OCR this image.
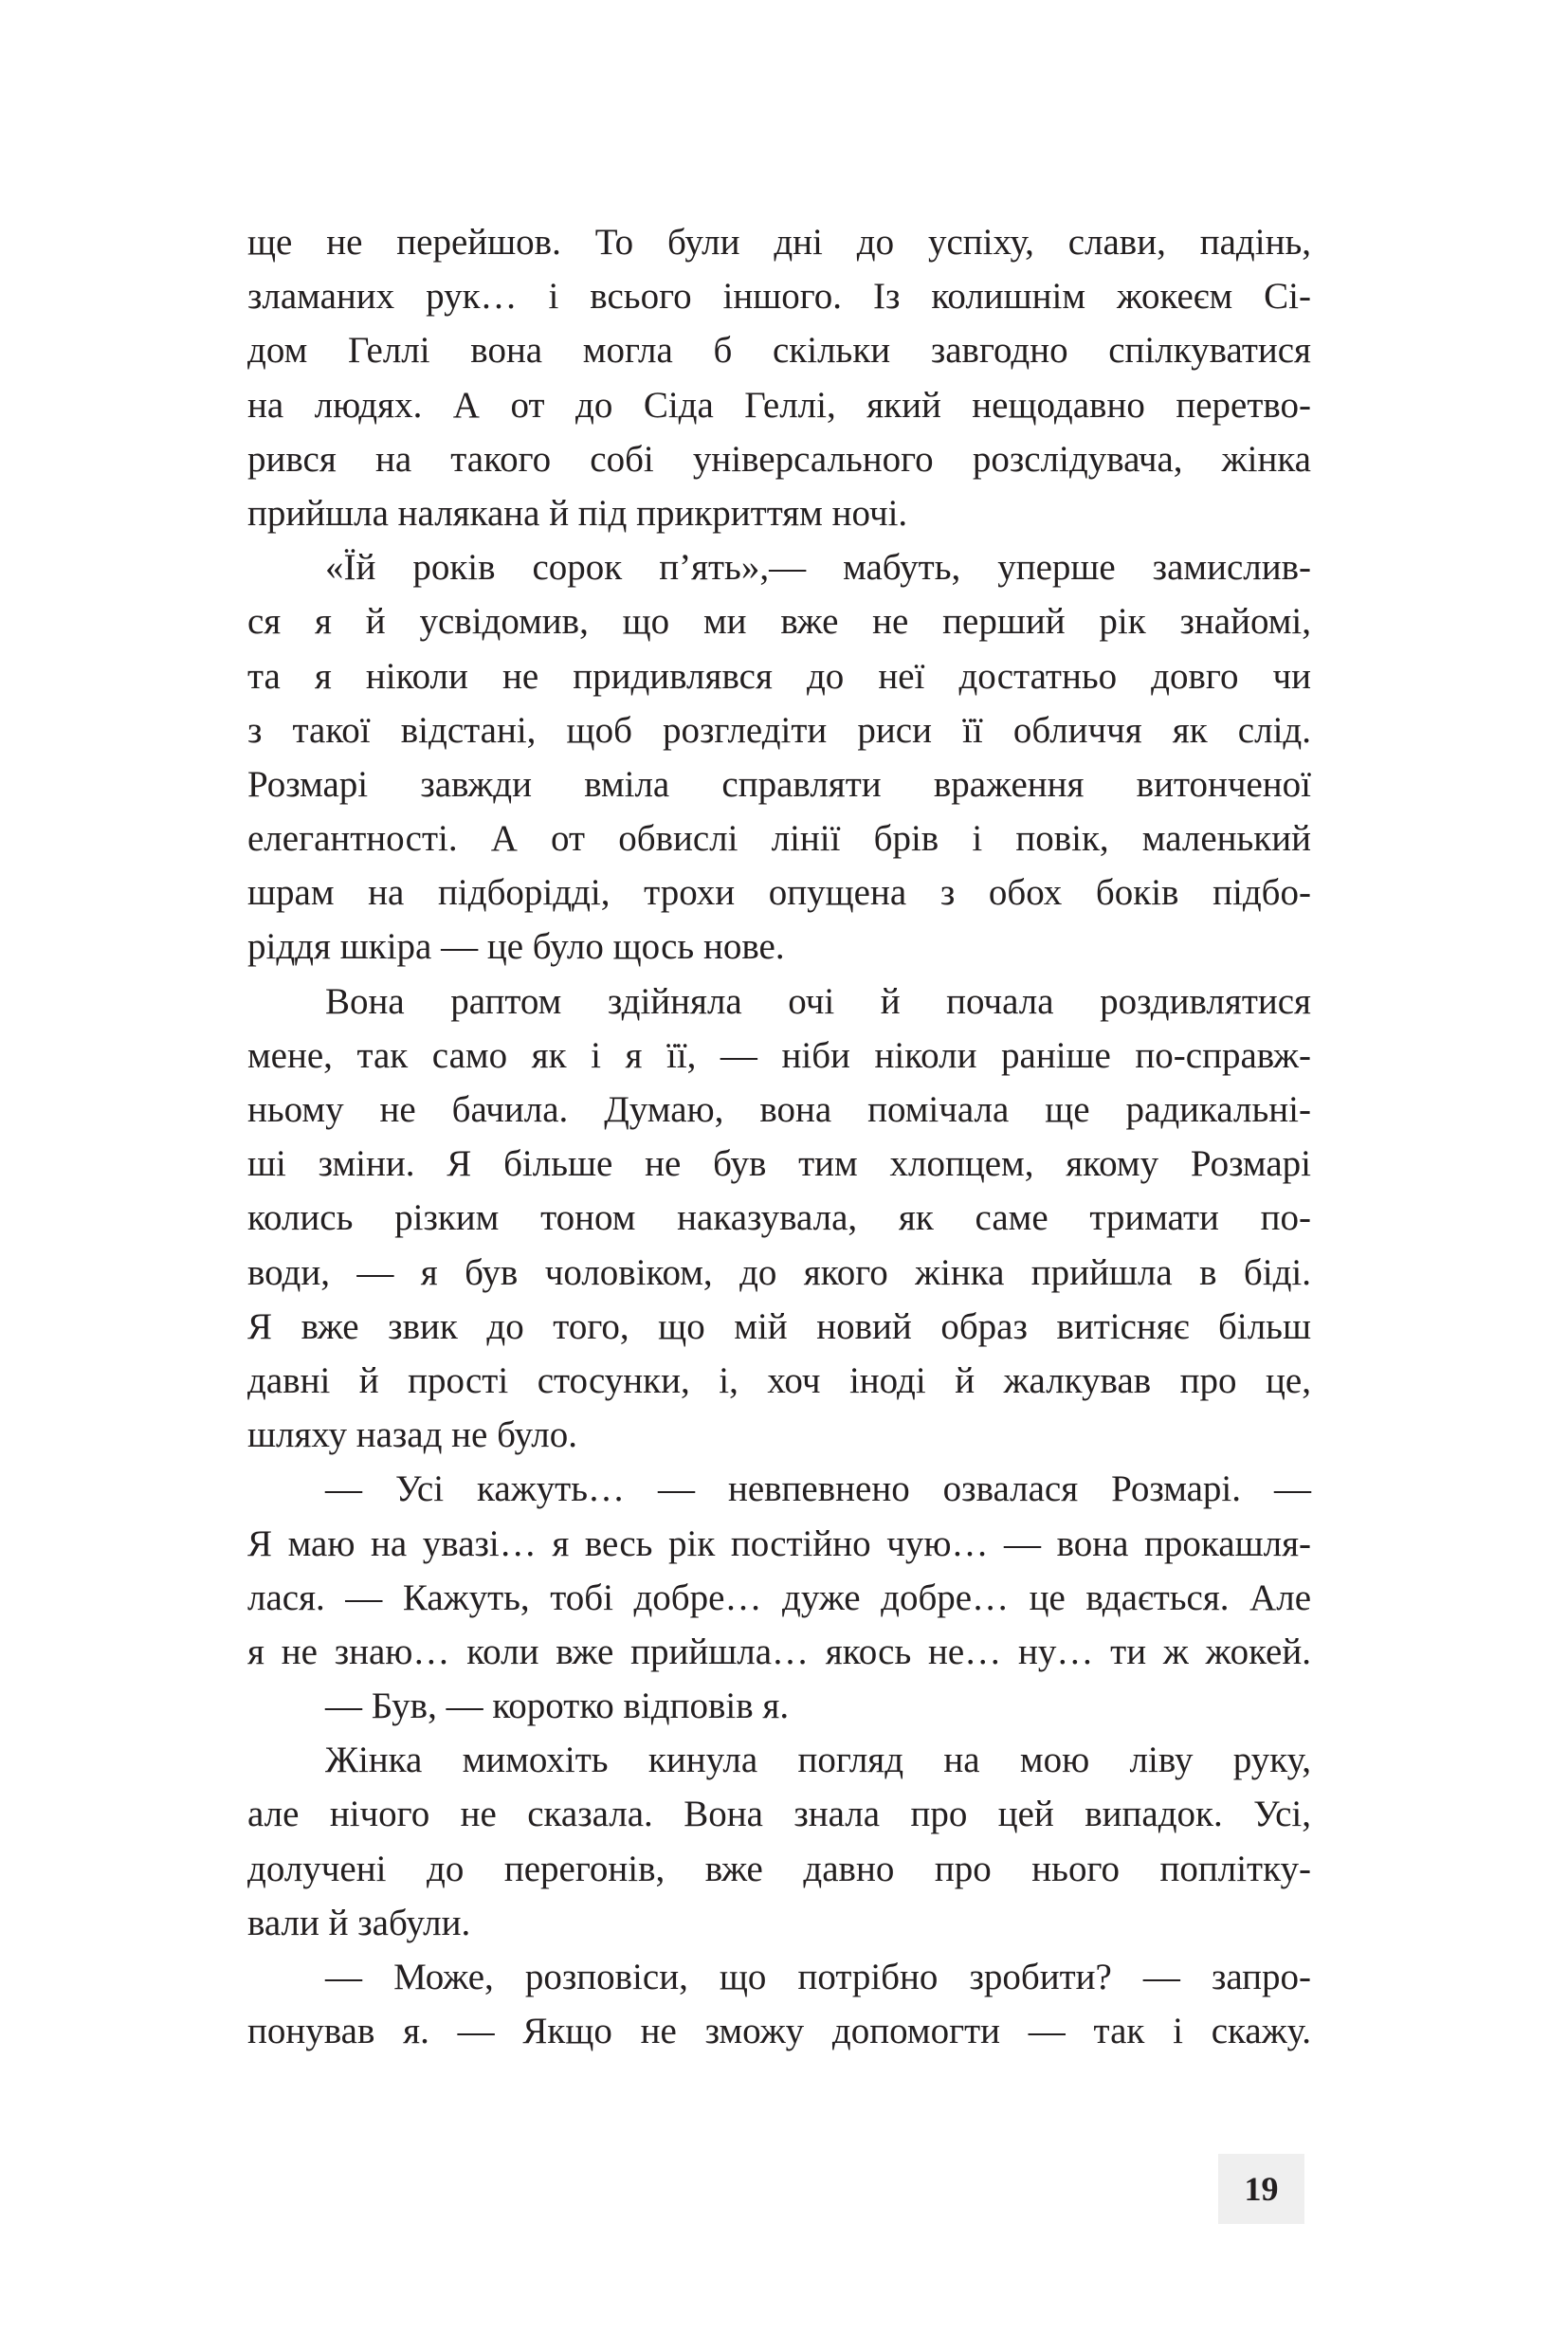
ще не перейшов. То були дні до успіху, слави, падінь,
зламаних рук… і всього іншого. Із колишнім жокеєм Сі-
дом Геллі вона могла б скільки завгодно спілкуватися
на людях. А от до Сіда Геллі, який нещодавно перетво-
рився на такого собі універсального розслідувача, жінка
прийшла налякана й під прикриттям ночі.
«Їй років сорок п’ять»,— мабуть, уперше замислив-
ся я й усвідомив, що ми вже не перший рік знайомі,
та я ніколи не придивлявся до неї достатньо довго чи
з такої відстані, щоб розгледіти риси її обличчя як слід.
Розмарі завжди вміла справляти враження витонченої
елегантності. А от обвислі лінії брів і повік, маленький
шрам на підборідді, трохи опущена з обох боків підбо-
ріддя шкіра — це було щось нове.
Вона раптом здійняла очі й почала роздивлятися
мене, так само як і я її, — ніби ніколи раніше по-справж-
ньому не бачила. Думаю, вона помічала ще радикальні-
ші зміни. Я більше не був тим хлопцем, якому Розмарі
колись різким тоном наказувала, як саме тримати по-
води, — я був чоловіком, до якого жінка прийшла в біді.
Я вже звик до того, що мій новий образ витісняє більш
давні й прості стосунки, і, хоч іноді й жалкував про це,
шляху назад не було.
— Усі кажуть… — невпевнено озвалася Розмарі. —
Я маю на увазі… я весь рік постійно чую… — вона прокашля-
лася. — Кажуть, тобі добре… дуже добре… це вдається. Але
я не знаю… коли вже прийшла… якось не… ну… ти ж жокей.
— Був, — коротко відповів я.
Жінка мимохіть кинула погляд на мою ліву руку,
але нічого не сказала. Вона знала про цей випадок. Усі,
долучені до перегонів, вже давно про нього поплітку-
вали й забули.
— Може, розповіси, що потрібно зробити? — запро-
понував я. — Якщо не зможу допомогти — так і скажу.
19
